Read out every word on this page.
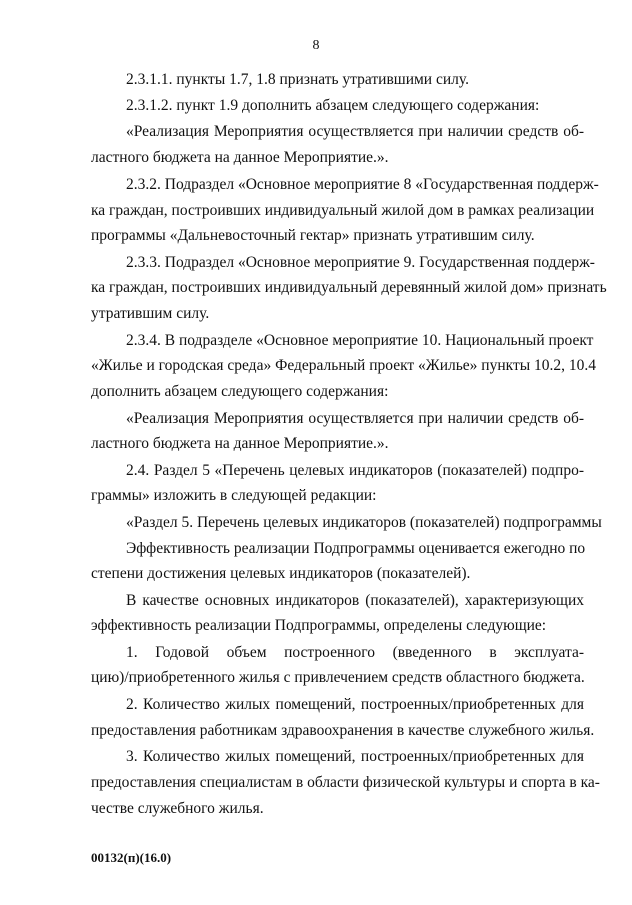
8
2.3.1.1. пункты 1.7, 1.8 признать утратившими силу.
2.3.1.2. пункт 1.9 дополнить абзацем следующего содержания:
«Реализация Мероприятия осуществляется при наличии средств об-
ластного бюджета на данное Мероприятие.».
2.3.2. Подраздел «Основное мероприятие 8 «Государственная поддерж-
ка граждан, построивших индивидуальный жилой дом в рамках реализации
программы «Дальневосточный гектар» признать утратившим силу.
2.3.3. Подраздел «Основное мероприятие 9. Государственная поддерж-
ка граждан, построивших индивидуальный деревянный жилой дом» признать
утратившим силу.
2.3.4. В подразделе «Основное мероприятие 10. Национальный проект
«Жилье и городская среда» Федеральный проект «Жилье» пункты 10.2, 10.4
дополнить абзацем следующего содержания:
«Реализация Мероприятия осуществляется при наличии средств об-
ластного бюджета на данное Мероприятие.».
2.4. Раздел 5 «Перечень целевых индикаторов (показателей) подпро-
граммы» изложить в следующей редакции:
«Раздел 5. Перечень целевых индикаторов (показателей) подпрограммы
Эффективность реализации Подпрограммы оценивается ежегодно по
степени достижения целевых индикаторов (показателей).
В качестве основных индикаторов (показателей), характеризующих
эффективность реализации Подпрограммы, определены следующие:
1. Годовой объем построенного (введенного в эксплуата-
цию)/приобретенного жилья с привлечением средств областного бюджета.
2. Количество жилых помещений, построенных/приобретенных для
предоставления работникам здравоохранения в качестве служебного жилья.
3. Количество жилых помещений, построенных/приобретенных для
предоставления специалистам в области физической культуры и спорта в ка-
честве служебного жилья.
00132(п)(16.0)
